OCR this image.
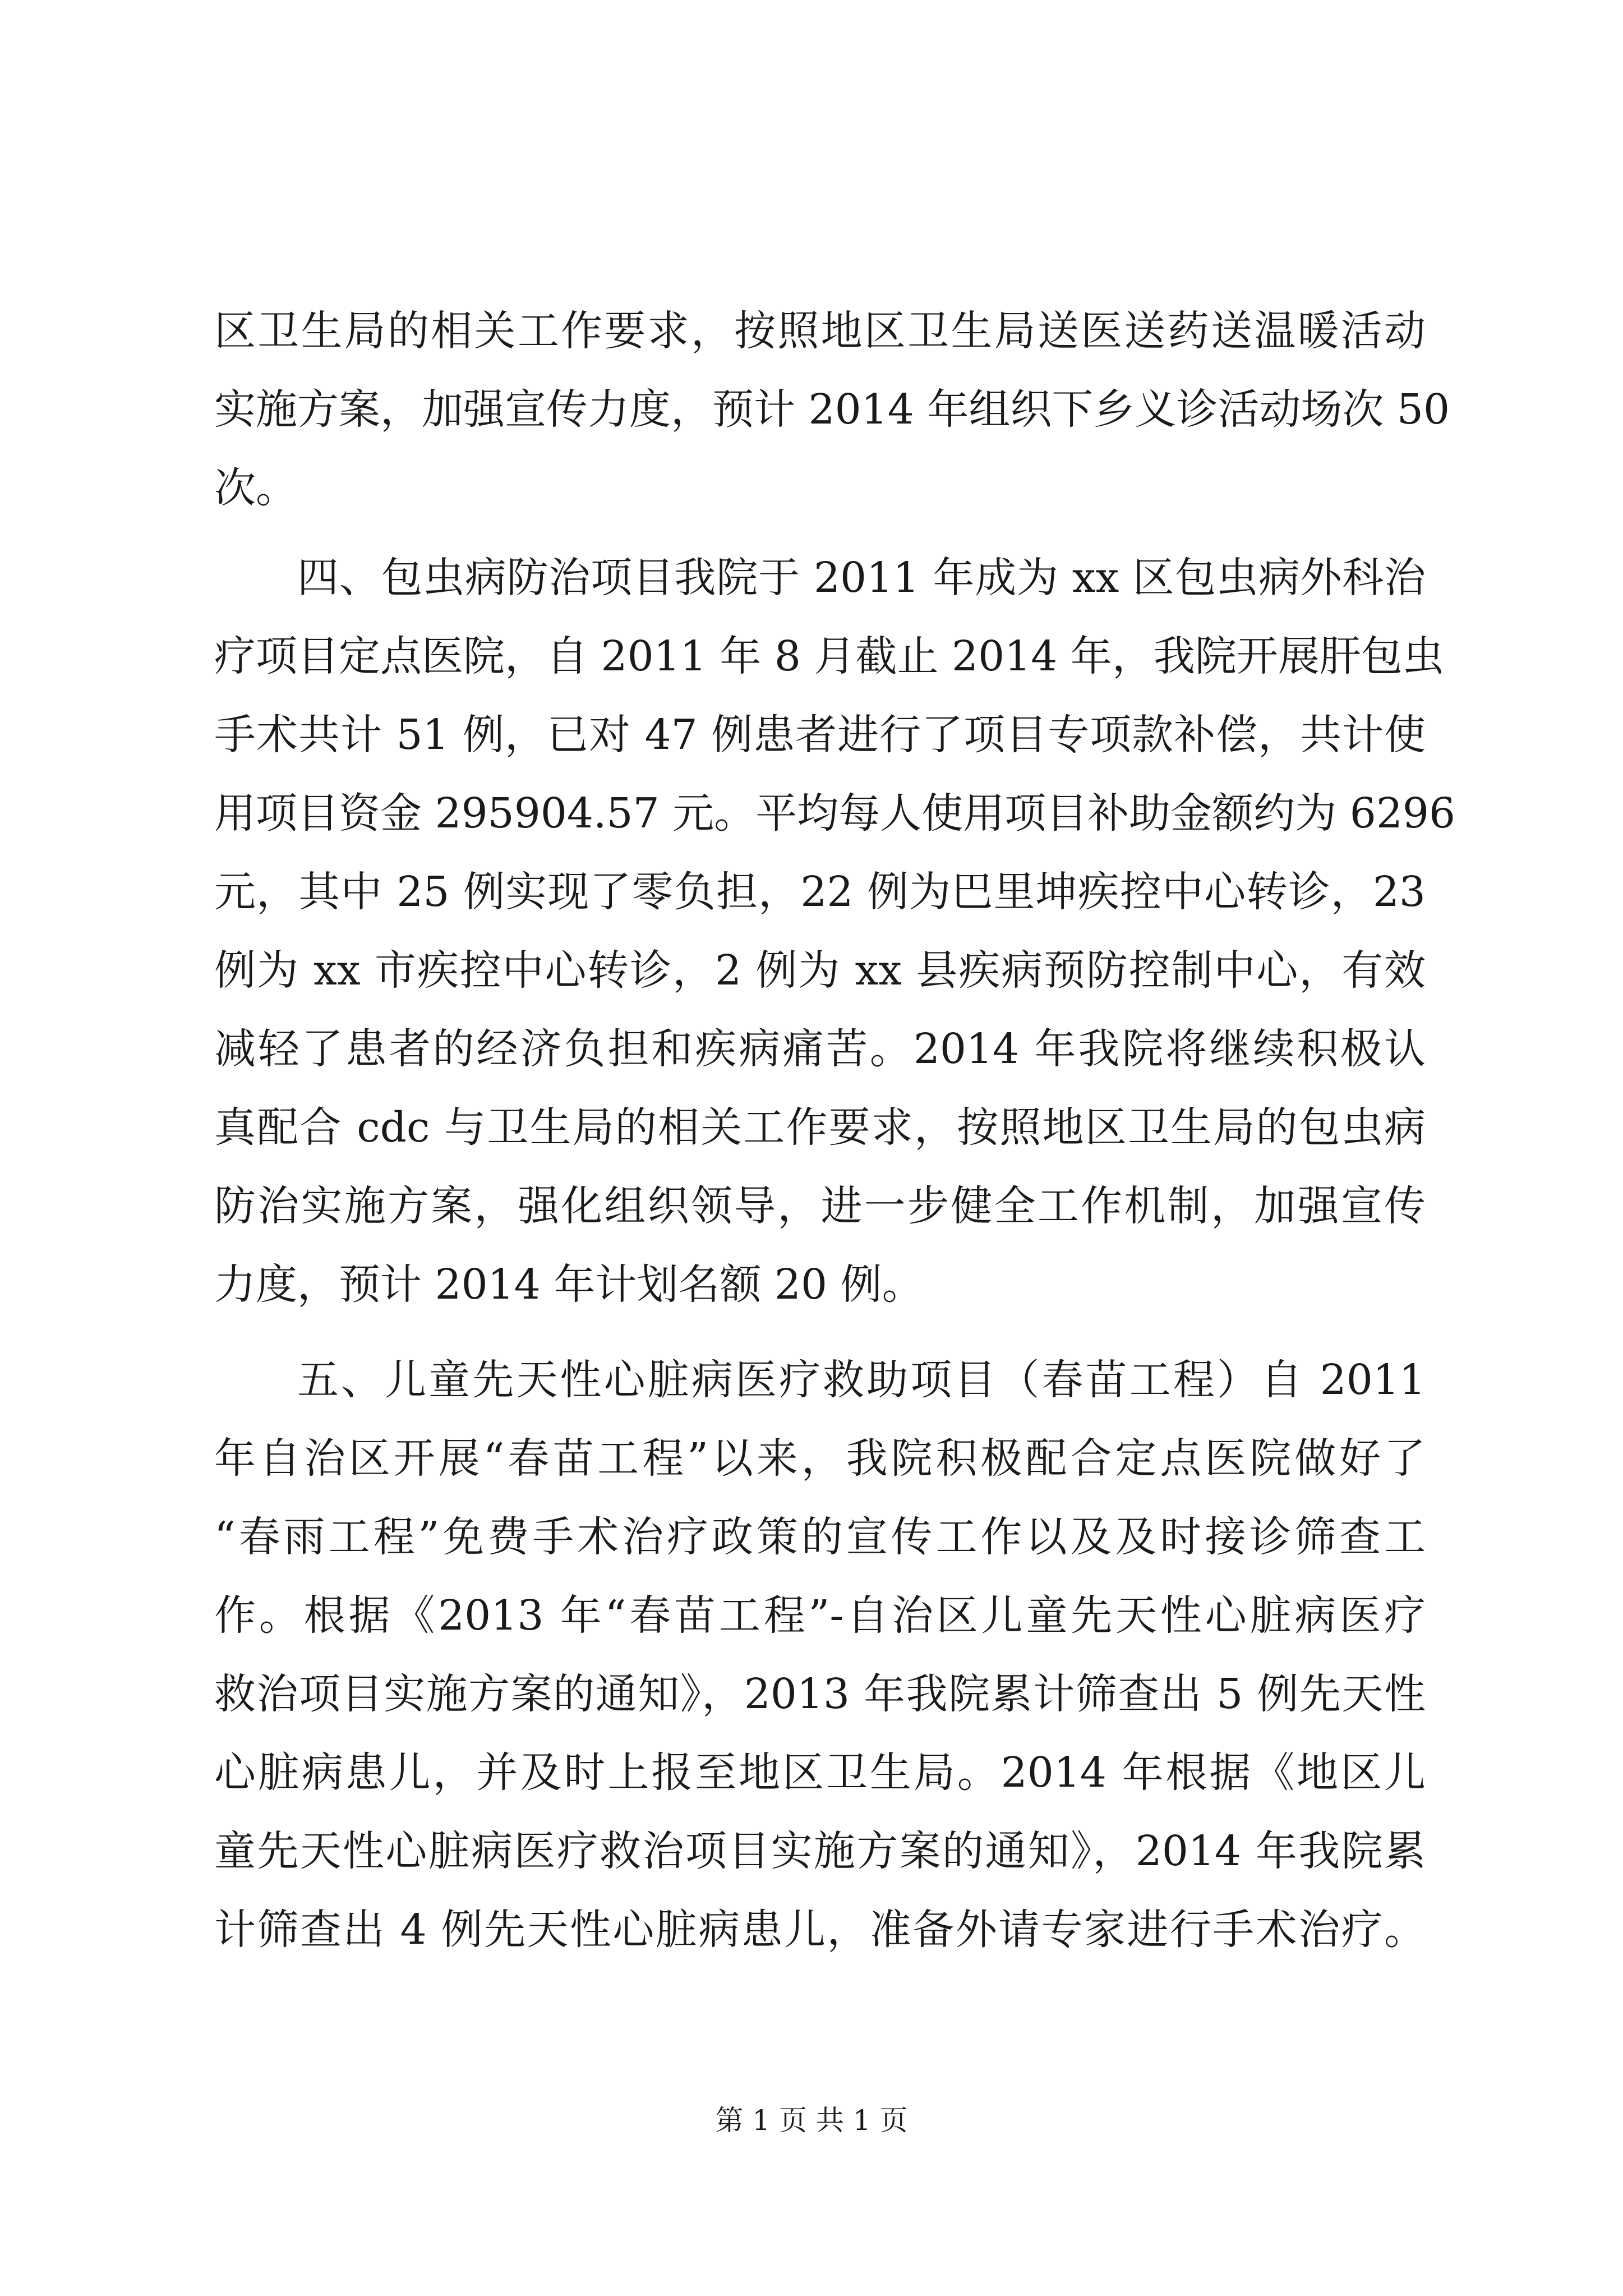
区卫生局的相关工作要求，按照地区卫生局送医送药送温暖活动
实施方案，加强宣传力度，预计 2014 年组织下乡义诊活动场次 50
次。
四、包虫病防治项目我院于 2011 年成为 xx 区包虫病外科治
疗项目定点医院，自 2011 年 8 月截止 2014 年，我院开展肝包虫
手术共计 51 例，已对 47 例患者进行了项目专项款补偿，共计使
用项目资金 295904.57 元。平均每人使用项目补助金额约为 6296
元，其中 25 例实现了零负担，22 例为巴里坤疾控中心转诊，23
例为 xx 市疾控中心转诊，2 例为 xx 县疾病预防控制中心，有效
减轻了患者的经济负担和疾病痛苦。2014 年我院将继续积极认
真配合 cdc 与卫生局的相关工作要求，按照地区卫生局的包虫病
防治实施方案，强化组织领导，进一步健全工作机制，加强宣传
力度，预计 2014 年计划名额 20 例。
五、儿童先天性心脏病医疗救助项目（春苗工程）自 2011
年自治区开展“春苗工程”以来，我院积极配合定点医院做好了
“春雨工程”免费手术治疗政策的宣传工作以及及时接诊筛查工
作。根据《2013 年“春苗工程”-自治区儿童先天性心脏病医疗
救治项目实施方案的通知》，2013 年我院累计筛查出 5 例先天性
心脏病患儿，并及时上报至地区卫生局。2014 年根据《地区儿
童先天性心脏病医疗救治项目实施方案的通知》，2014 年我院累
计筛查出 4 例先天性心脏病患儿，准备外请专家进行手术治疗。
第 1 页 共 1 页
